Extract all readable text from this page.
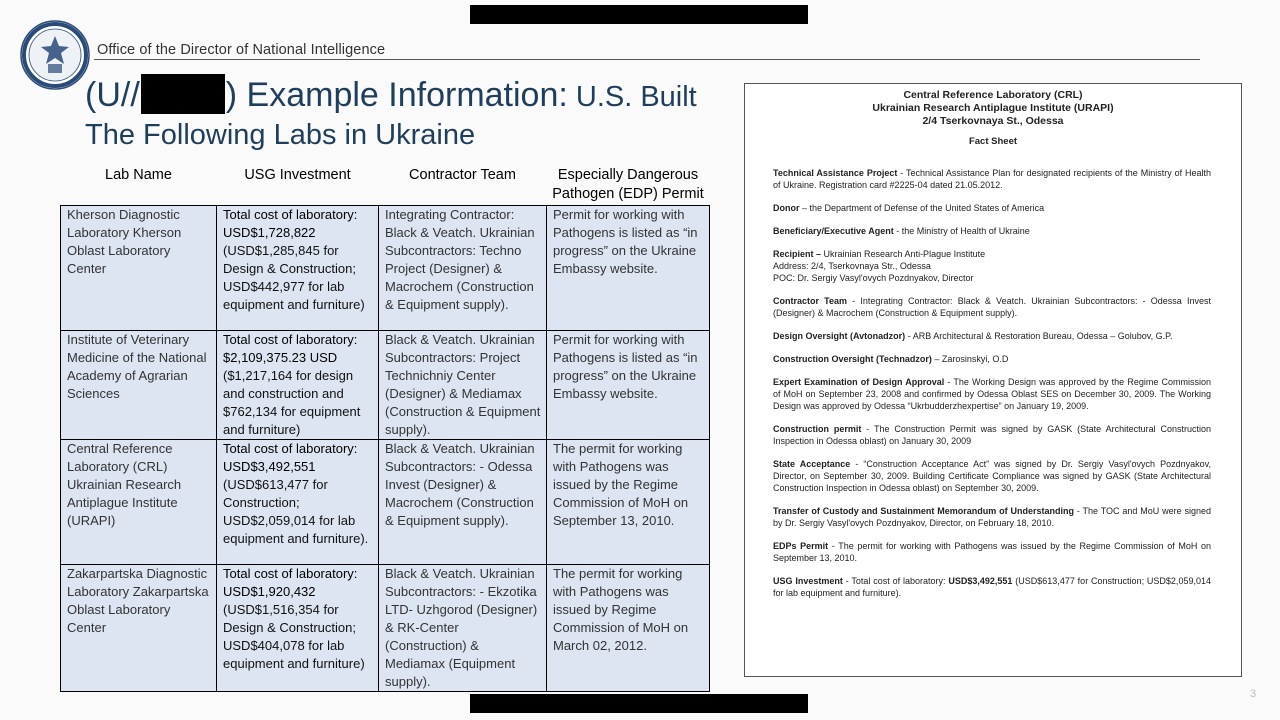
Office of the Director of National Intelligence
(U//	) Example Information: U.S. Built
The Following Labs in Ukraine
Lab Name	USG Investment	Contractor Team	Especially Dangerous Pathogen (EDP) Permit
Kherson Diagnostic Laboratory Kherson Oblast Laboratory Center	Total cost of laboratory:
USD$1,728,822
(USD$1,285,845 for Design & Construction; USD$442,977 for lab equipment and furniture)	Integrating Contractor: Black & Veatch. Ukrainian Subcontractors: Techno Project (Designer) & Macrochem (Construction & Equipment supply).	Permit for working with Pathogens is listed as “in progress” on the Ukraine Embassy website.
Institute of Veterinary Medicine of the National Academy of Agrarian Sciences	Total cost of laboratory:
$2,109,375.23 USD
($1,217,164 for design and construction and $762,134 for equipment and furniture)	Black & Veatch. Ukrainian Subcontractors: Project Technichniy Center (Designer) & Mediamax (Construction & Equipment supply).	Permit for working with Pathogens is listed as “in progress” on the Ukraine Embassy website.
Central Reference Laboratory (CRL) Ukrainian Research Antiplague Institute (URAPI)	Total cost of laboratory:
USD$3,492,551
(USD$613,477 for Construction; USD$2,059,014 for lab equipment and furniture).	Black & Veatch. Ukrainian Subcontractors: - Odessa Invest (Designer) & Macrochem (Construction & Equipment supply).	The permit for working with Pathogens was issued by the Regime Commission of MoH on September 13, 2010.
Zakarpartska Diagnostic Laboratory Zakarpartska Oblast Laboratory Center	Total cost of laboratory:
USD$1,920,432
(USD$1,516,354 for Design & Construction; USD$404,078 for lab equipment and furniture)	Black & Veatch. Ukrainian Subcontractors: - Ekzotika LTD- Uzhgorod (Designer) & RK-Center (Construction) & Mediamax (Equipment supply).	The permit for working with Pathogens was issued by Regime Commission of MoH on March 02, 2012.
Central Reference Laboratory (CRL)
Ukrainian Research Antiplague Institute (URAPI)
2/4 Tserkovnaya St., Odessa
Fact Sheet

Technical Assistance Project - Technical Assistance Plan for designated recipients of the Ministry of Health of Ukraine. Registration card #2225-04 dated 21.05.2012.

Donor – the Department of Defense of the United States of America

Beneficiary/Executive Agent - the Ministry of Health of Ukraine

Recipient – Ukrainian Research Anti-Plague Institute
Address: 2/4, Tserkovnaya Str., Odessa
POC: Dr. Sergiy Vasyl'ovych Pozdnyakov, Director

Contractor Team - Integrating Contractor: Black & Veatch. Ukrainian Subcontractors: - Odessa Invest (Designer) & Macrochem (Construction & Equipment supply).

Design Oversight (Avtonadzor) - ARB Architectural & Restoration Bureau, Odessa – Golubov, G.P.

Construction Oversight (Technadzor) – Zarosinskyi, O.D

Expert Examination of Design Approval - The Working Design was approved by the Regime Commission of MoH on September 23, 2008 and confirmed by Odessa Oblast SES on December 30, 2009. The Working Design was approved by Odessa “Ukrbudderzhexpertise” on January 19, 2009.

Construction permit - The Construction Permit was signed by GASK (State Architectural Construction Inspection in Odessa oblast) on January 30, 2009

State Acceptance - “Construction Acceptance Act” was signed by Dr. Sergiy Vasyl'ovych Pozdnyakov, Director, on September 30, 2009. Building Certificate Compliance was signed by GASK (State Architectural Construction Inspection in Odessa oblast) on September 30, 2009.

Transfer of Custody and Sustainment Memorandum of Understanding - The TOC and MoU were signed by Dr. Sergiy Vasyl'ovych Pozdnyakov, Director, on February 18, 2010.

EDPs Permit - The permit for working with Pathogens was issued by the Regime Commission of MoH on September 13, 2010.

USG Investment - Total cost of laboratory: USD$3,492,551 (USD$613,477 for Construction; USD$2,059,014 for lab equipment and furniture).

3
